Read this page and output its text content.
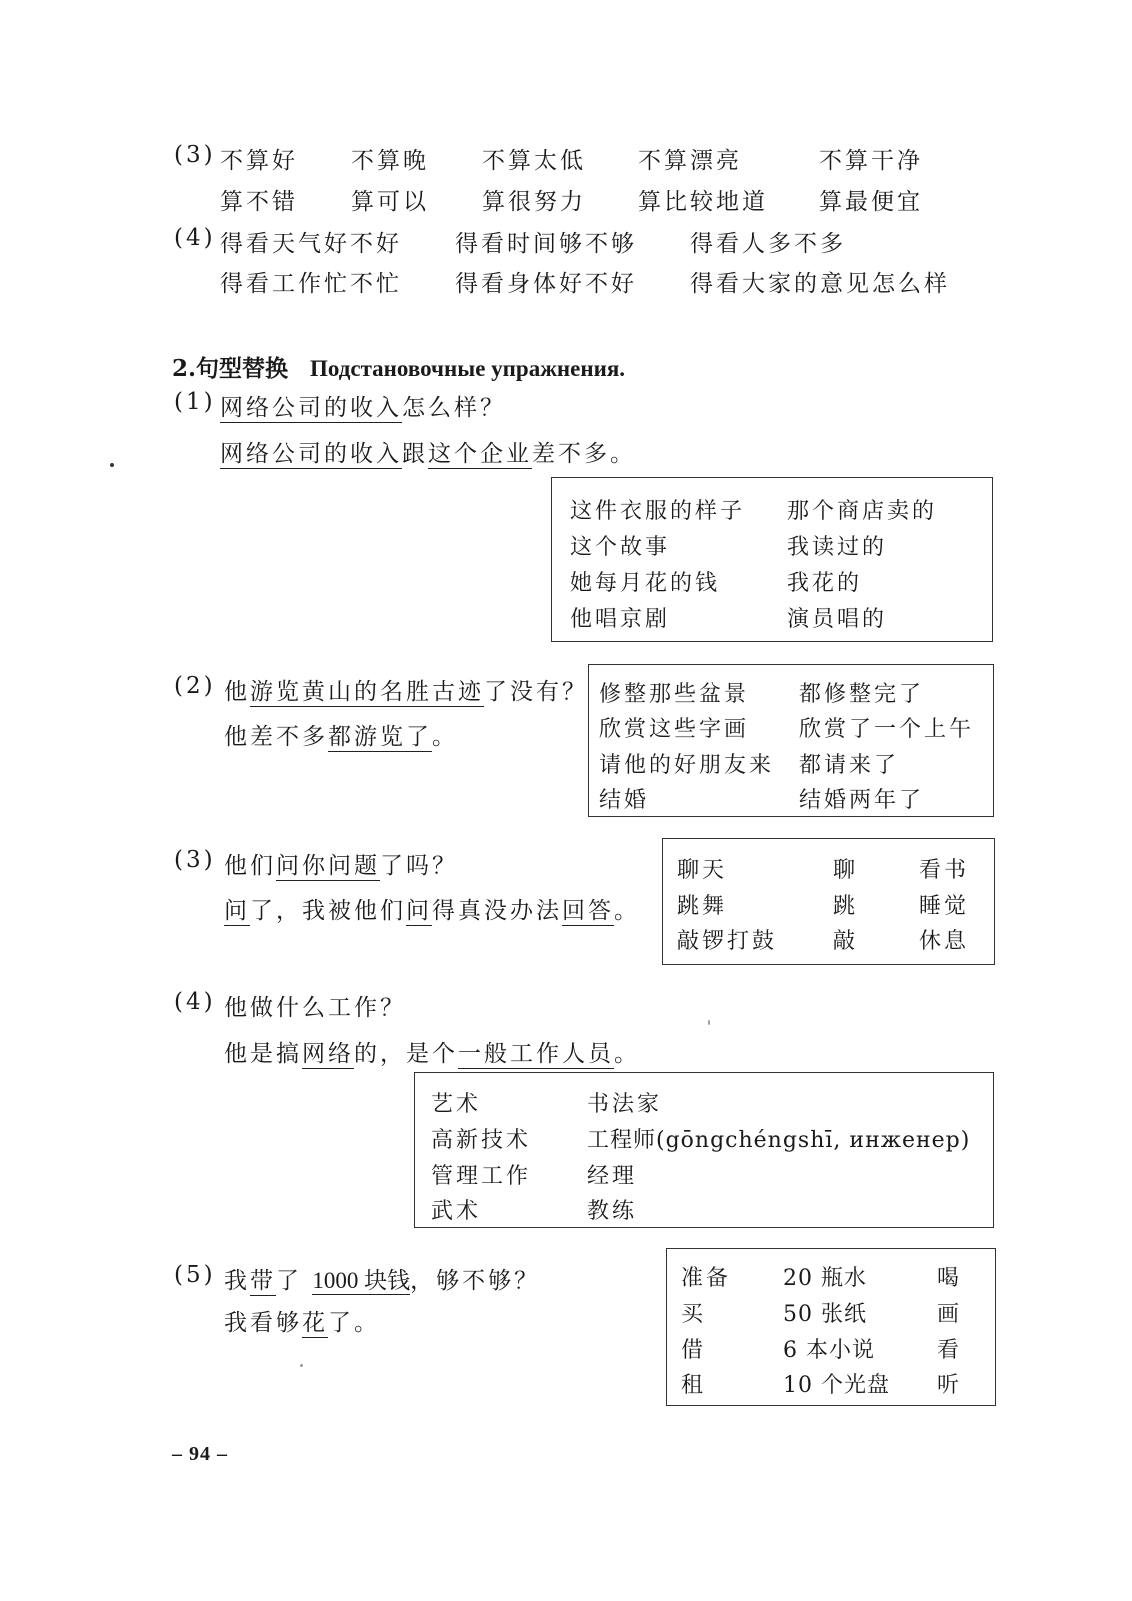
(3) 不算好 不算晚 不算太低 不算漂亮	不算干净
算不错 算可以 算很努力 算比较地道 算最便宜
(4) 得看天气好不好 得看时间够不够 得看人多不多
得看工作忙不忙 得看身体好不好 得看大家的意见怎么样
2.句型替换 Подстановочные упражнения.
(1) 网络公司的收入怎么样？
网络公司的收入跟这个企业差不多。
这件衣服的样子 那个商店卖的
这个故事	我读过的
她每月花的钱	我花的
他唱京剧	演员唱的
(2) 他游览黄山的名胜古迹了没有？
他差不多都游览了。
修整那些盆景 都修整完了
欣赏这些字画 欣赏了一个上午
请他的好朋友来 都请来了
结婚	结婚两年了
(3) 他们问你问题了吗？
问了，我被他们问得真没办法回答。
聊天	聊	看书
跳舞	跳	睡觉
敲锣打鼓	敲	休息
(4) 他做什么工作？
他是搞网络的，是个一般工作人员。
艺术	书法家
高新技术	工程师(gōngchéngshī, инженер)
管理工作	经理
武术	教练
(5) 我带了 1000 块钱，够不够？
我看够花了。
准备 20 瓶水	喝
买	50 张纸	画
借	6 本小说	看
租	10 个光盘 听
– 94 –
